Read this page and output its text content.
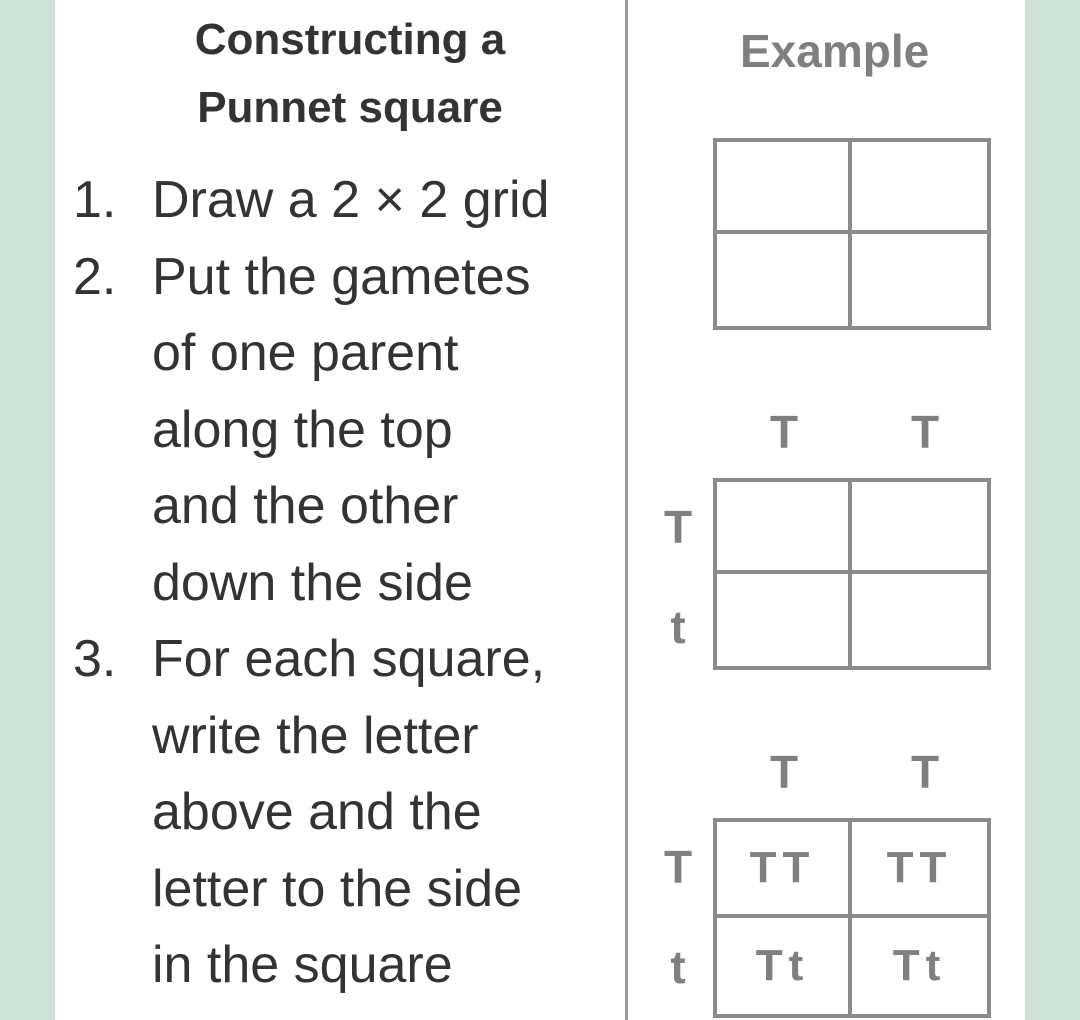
Constructing a
Punnet square
1. Draw a 2 × 2 grid
2. Put the gametes
of one parent
along the top
and the other
down the side
3. For each square,
write the letter
above and the
letter to the side
in the square
Example
T T
T
t
T T
T
t
TT	TT
Tt	Tt
